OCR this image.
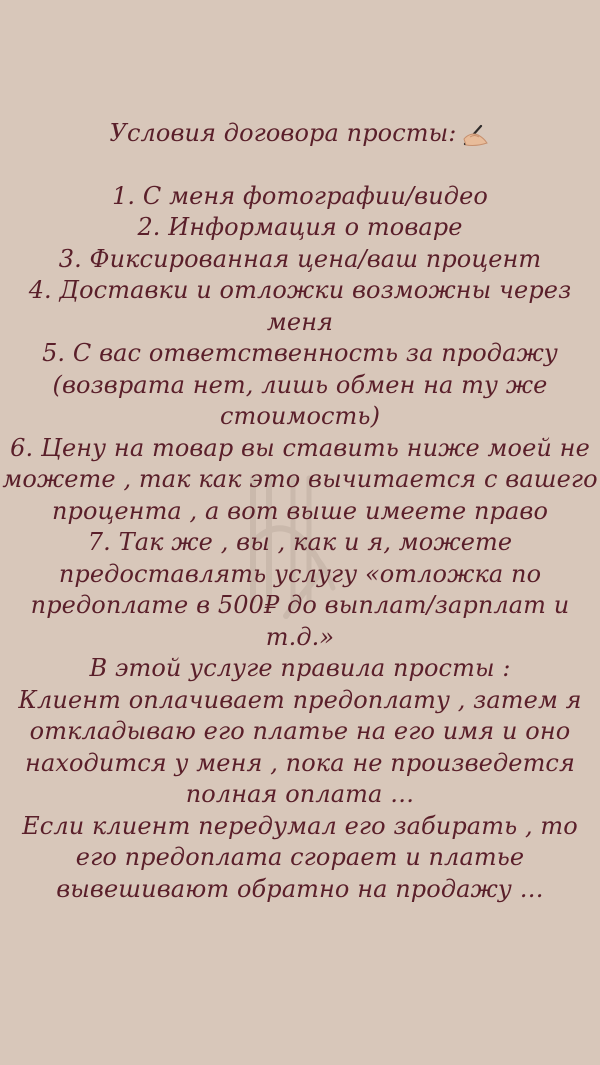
Условия договора просты:
1. С меня фотографии/видео
2. Информация о товаре
3. Фиксированная цена/ваш процент
4. Доставки и отложки возможны через
меня
5. С вас ответственность за продажу
(возврата нет, лишь обмен на ту же
стоимость)
6. Цену на товар вы ставить ниже моей не
можете , так как это вычитается с вашего
процента , а вот выше имеете право
7. Так же , вы , как и я, можете
предоставлять услугу «отложка по
предоплате в 500₽ до выплат/зарплат и
т.д.»
В этой услуге правила просты :
Клиент оплачивает предоплату , затем я
откладываю его платье на его имя и оно
находится у меня , пока не произведется
полная оплата …
Если клиент передумал его забирать , то
его предоплата сгорает и платье
вывешивают обратно на продажу …
